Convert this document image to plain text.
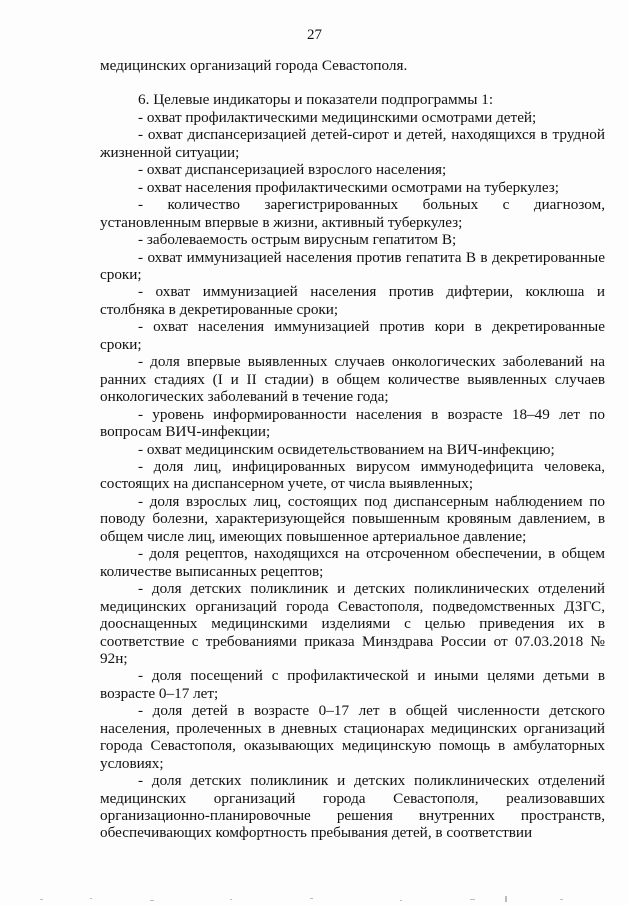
27

медицинских организаций города Севастополя.

6. Целевые индикаторы и показатели подпрограммы 1:

- охват профилактическими медицинскими осмотрами детей;

- охват диспансеризацией детей-сирот и детей, находящихся в трудной жизненной ситуации;

- охват диспансеризацией взрослого населения;

- охват населения профилактическими осмотрами на туберкулез;

- количество зарегистрированных больных с диагнозом, установленным впервые в жизни, активный туберкулез;

- заболеваемость острым вирусным гепатитом В;

- охват иммунизацией населения против гепатита В в декретированные сроки;

- охват иммунизацией населения против дифтерии, коклюша и столбняка в декретированные сроки;

- охват населения иммунизацией против кори в декретированные сроки;

- доля впервые выявленных случаев онкологических заболеваний на ранних стадиях (I и II стадии) в общем количестве выявленных случаев онкологических заболеваний в течение года;

- уровень информированности населения в возрасте 18–49 лет по вопросам ВИЧ-инфекции;

- охват медицинским освидетельствованием на ВИЧ-инфекцию;

- доля лиц, инфицированных вирусом иммунодефицита человека, состоящих на диспансерном учете, от числа выявленных;

- доля взрослых лиц, состоящих под диспансерным наблюдением по поводу болезни, характеризующейся повышенным кровяным давлением, в общем числе лиц, имеющих повышенное артериальное давление;

- доля рецептов, находящихся на отсроченном обеспечении, в общем количестве выписанных рецептов;

- доля детских поликлиник и детских поликлинических отделений медицинских организаций города Севастополя, подведомственных ДЗГС, дооснащенных медицинскими изделиями с целью приведения их в соответствие с требованиями приказа Минздрава России от 07.03.2018 № 92н;

- доля посещений с профилактической и иными целями детьми в возрасте 0–17 лет;

- доля детей в возрасте 0–17 лет в общей численности детского населения, пролеченных в дневных стационарах медицинских организаций города Севастополя, оказывающих медицинскую помощь в амбулаторных условиях;

- доля детских поликлиник и детских поликлинических отделений медицинских организаций города Севастополя, реализовавших организационно-планировочные решения внутренних пространств, обеспечивающих комфортность пребывания детей, в соответствии
